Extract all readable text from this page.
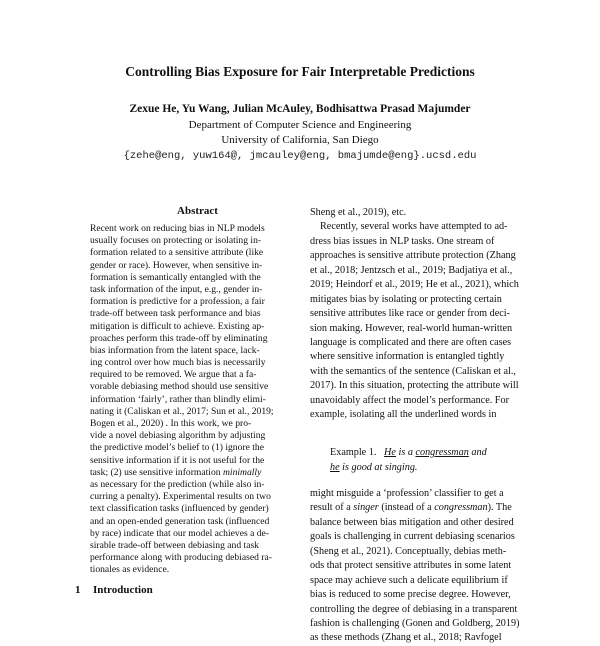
Controlling Bias Exposure for Fair Interpretable Predictions
Zexue He, Yu Wang, Julian McAuley, Bodhisattwa Prasad Majumder
Department of Computer Science and Engineering
University of California, San Diego
{zehe@eng, yuw164@, jmcauley@eng, bmajumde@eng}.ucsd.edu
Abstract
Recent work on reducing bias in NLP models
usually focuses on protecting or isolating in-
formation related to a sensitive attribute (like
gender or race). However, when sensitive in-
formation is semantically entangled with the
task information of the input, e.g., gender in-
formation is predictive for a profession, a fair
trade-off between task performance and bias
mitigation is difficult to achieve. Existing ap-
proaches perform this trade-off by eliminating
bias information from the latent space, lack-
ing control over how much bias is necessarily
required to be removed. We argue that a fa-
vorable debiasing method should use sensitive
information ‘fairly’, rather than blindly elimi-
nating it (Caliskan et al., 2017; Sun et al., 2019;
Bogen et al., 2020) . In this work, we pro-
vide a novel debiasing algorithm by adjusting
the predictive model’s belief to (1) ignore the
sensitive information if it is not useful for the
task; (2) use sensitive information minimally
as necessary for the prediction (while also in-
curring a penalty). Experimental results on two
text classification tasks (influenced by gender)
and an open-ended generation task (influenced
by race) indicate that our model achieves a de-
sirable trade-off between debiasing and task
performance along with producing debiased ra-
tionales as evidence.
1 Introduction
Sheng et al., 2019), etc.
Recently, several works have attempted to ad-
dress bias issues in NLP tasks. One stream of
approaches is sensitive attribute protection (Zhang
et al., 2018; Jentzsch et al., 2019; Badjatiya et al.,
2019; Heindorf et al., 2019; He et al., 2021), which
mitigates bias by isolating or protecting certain
sensitive attributes like race or gender from deci-
sion making. However, real-world human-written
language is complicated and there are often cases
where sensitive information is entangled tightly
with the semantics of the sentence (Caliskan et al.,
2017). In this situation, protecting the attribute will
unavoidably affect the model’s performance. For
example, isolating all the underlined words in
Example 1. He is a congressman and
he is good at singing.
might misguide a ‘profession’ classifier to get a
result of a singer (instead of a congressman). The
balance between bias mitigation and other desired
goals is challenging in current debiasing scenarios
(Sheng et al., 2021). Conceptually, debias meth-
ods that protect sensitive attributes in some latent
space may achieve such a delicate equilibrium if
bias is reduced to some precise degree. However,
controlling the degree of debiasing in a transparent
fashion is challenging (Gonen and Goldberg, 2019)
as these methods (Zhang et al., 2018; Ravfogel
